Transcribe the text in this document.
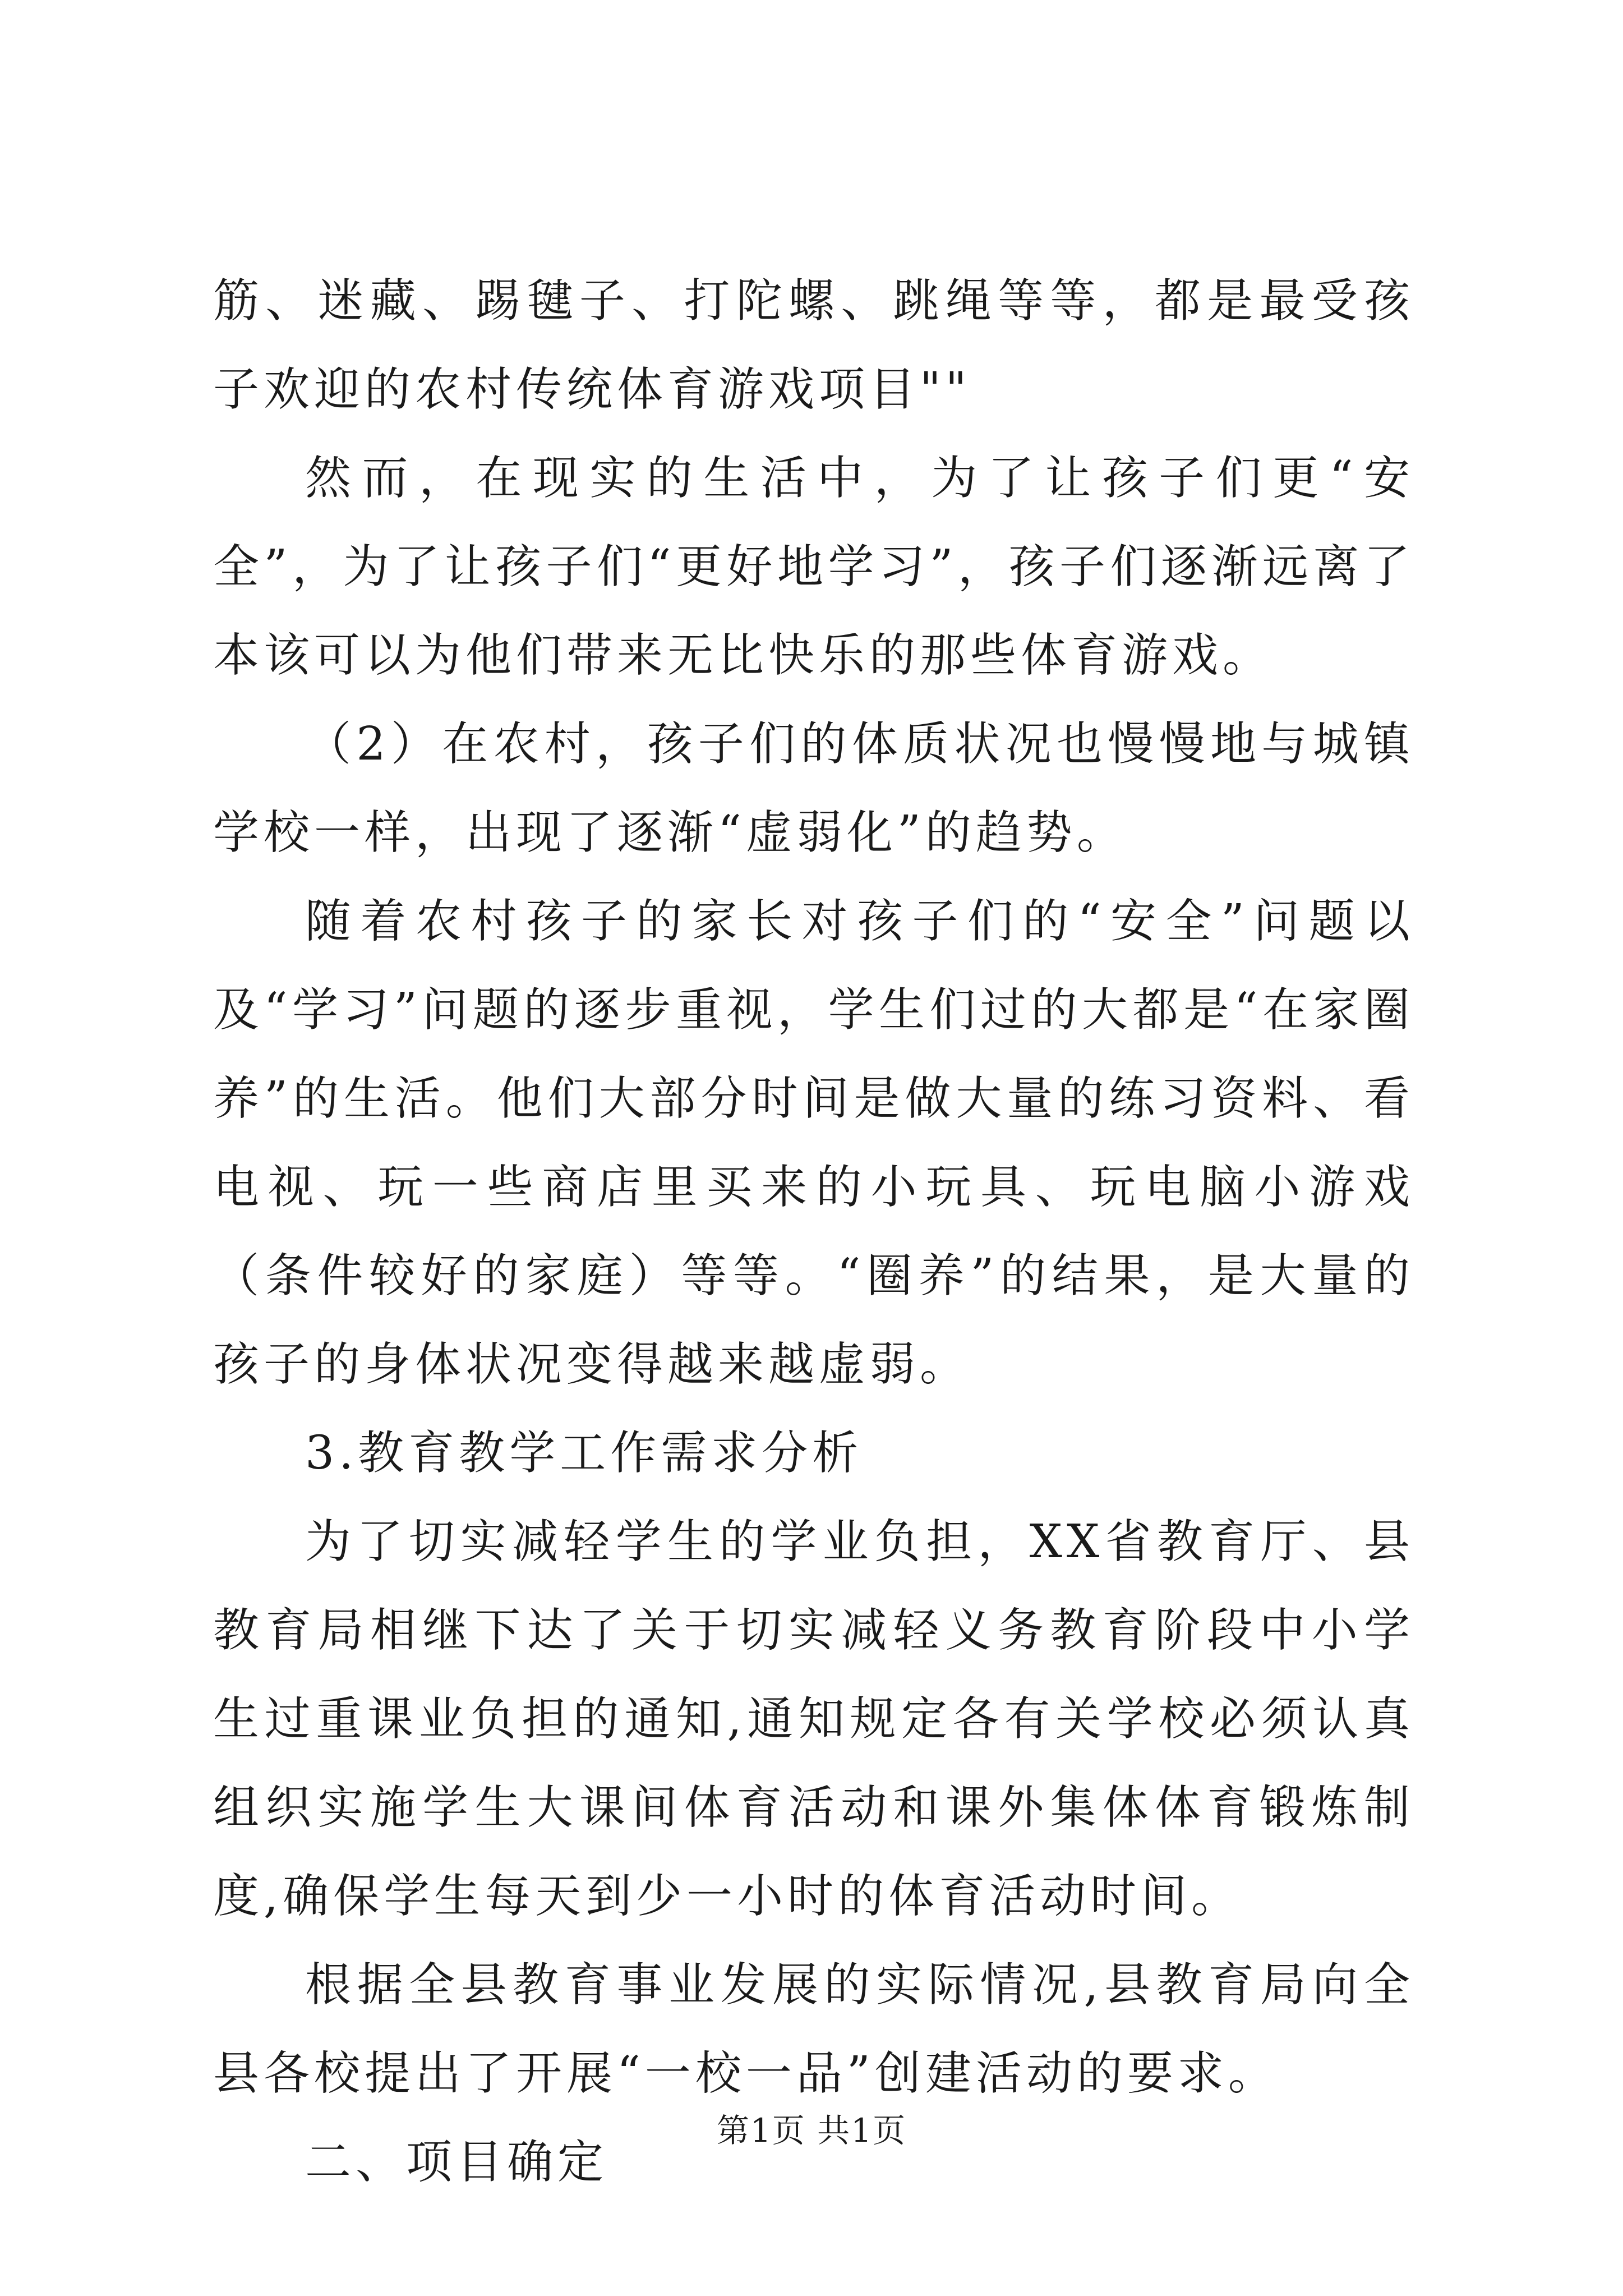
筋、迷藏、踢毽子、打陀螺、跳绳等等，都是最受孩子欢迎的农村传统体育游戏项目""

然而，在现实的生活中，为了让孩子们更“安全”，为了让孩子们“更好地学习”，孩子们逐渐远离了本该可以为他们带来无比快乐的那些体育游戏。

（2）在农村，孩子们的体质状况也慢慢地与城镇学校一样，出现了逐渐“虚弱化”的趋势。

随着农村孩子的家长对孩子们的“安全”问题以及“学习”问题的逐步重视，学生们过的大都是“在家圈养”的生活。他们大部分时间是做大量的练习资料、看电视、玩一些商店里买来的小玩具、玩电脑小游戏（条件较好的家庭）等等。“圈养”的结果，是大量的孩子的身体状况变得越来越虚弱。

3.教育教学工作需求分析

为了切实减轻学生的学业负担，XX省教育厅、县教育局相继下达了关于切实减轻义务教育阶段中小学生过重课业负担的通知,通知规定各有关学校必须认真组织实施学生大课间体育活动和课外集体体育锻炼制度,确保学生每天到少一小时的体育活动时间。

根据全县教育事业发展的实际情况,县教育局向全县各校提出了开展“一校一品”创建活动的要求。

二、项目确定

第1页 共1页
